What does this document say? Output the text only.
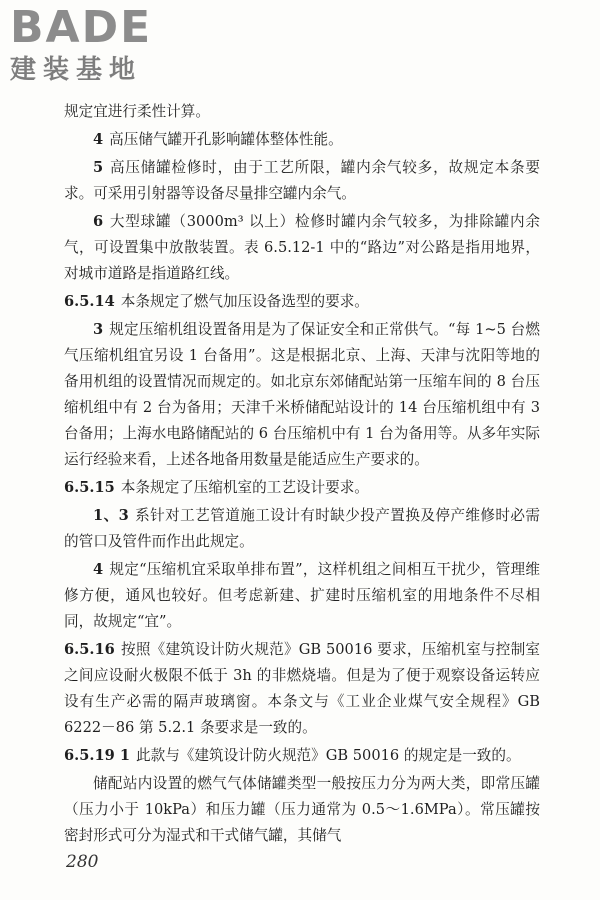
BADE
建装基地

规定宜进行柔性计算。

4 高压储气罐开孔影响罐体整体性能。

5 高压储罐检修时，由于工艺所限，罐内余气较多，故规定本条要求。可采用引射器等设备尽量排空罐内余气。

6 大型球罐（3000m³ 以上）检修时罐内余气较多，为排除罐内余气，可设置集中放散装置。表 6.5.12-1 中的“路边”对公路是指用地界，对城市道路是指道路红线。

6.5.14 本条规定了燃气加压设备选型的要求。

3 规定压缩机组设置备用是为了保证安全和正常供气。“每 1~5 台燃气压缩机组宜另设 1 台备用”。这是根据北京、上海、天津与沈阳等地的备用机组的设置情况而规定的。如北京东郊储配站第一压缩车间的 8 台压缩机组中有 2 台为备用；天津千米桥储配站设计的 14 台压缩机组中有 3 台备用；上海水电路储配站的 6 台压缩机中有 1 台为备用等。从多年实际运行经验来看，上述各地备用数量是能适应生产要求的。

6.5.15 本条规定了压缩机室的工艺设计要求。

1、3 系针对工艺管道施工设计有时缺少投产置换及停产维修时必需的管口及管件而作出此规定。

4 规定“压缩机宜采取单排布置”，这样机组之间相互干扰少，管理维修方便，通风也较好。但考虑新建、扩建时压缩机室的用地条件不尽相同，故规定“宜”。

6.5.16 按照《建筑设计防火规范》GB 50016 要求，压缩机室与控制室之间应设耐火极限不低于 3h 的非燃烧墙。但是为了便于观察设备运转应设有生产必需的隔声玻璃窗。本条文与《工业企业煤气安全规程》GB 6222－86 第 5.2.1 条要求是一致的。

6.5.19 1 此款与《建筑设计防火规范》GB 50016 的规定是一致的。

储配站内设置的燃气气体储罐类型一般按压力分为两大类，即常压罐（压力小于 10kPa）和压力罐（压力通常为 0.5～1.6MPa）。常压罐按密封形式可分为湿式和干式储气罐，其储气

280
